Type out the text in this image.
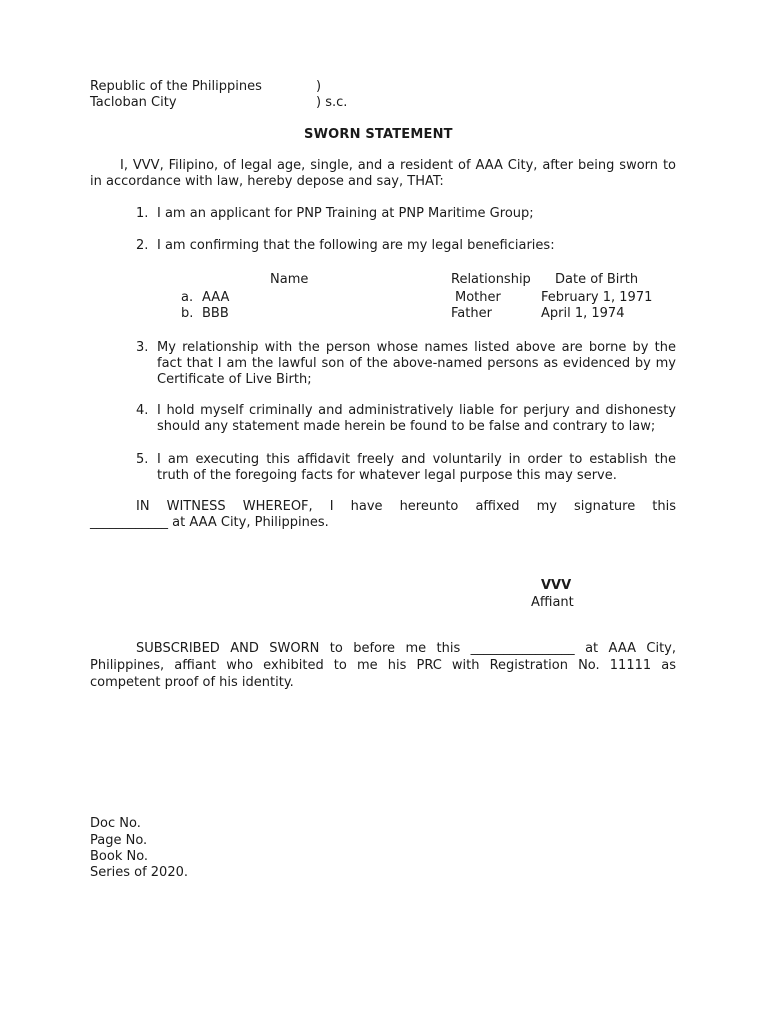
Republic of the Philippines	)
Tacloban City	) s.c.
SWORN STATEMENT
I, VVV, Filipino, of legal age, single, and a resident of AAA City, after being sworn to in accordance with law, hereby depose and say, THAT:
1. I am an applicant for PNP Training at PNP Maritime Group;
2. I am confirming that the following are my legal beneficiaries:
Name	Relationship Date of Birth
a. AAA	Mother	February 1, 1971
b. BBB	Father	April 1, 1974
3. My relationship with the person whose names listed above are borne by the fact that I am the lawful son of the above-named persons as evidenced by my Certificate of Live Birth;
4. I hold myself criminally and administratively liable for perjury and dishonesty should any statement made herein be found to be false and contrary to law;
5. I am executing this affidavit freely and voluntarily in order to establish the truth of the foregoing facts for whatever legal purpose this may serve.
IN WITNESS WHEREOF, I have hereunto affixed my signature this
____________ at AAA City, Philippines.
VVV
Affiant
SUBSCRIBED AND SWORN to before me this ________________ at AAA City,
Philippines, affiant who exhibited to me his PRC with Registration No. 11111 as
competent proof of his identity.
Doc No.
Page No.
Book No.
Series of 2020.
